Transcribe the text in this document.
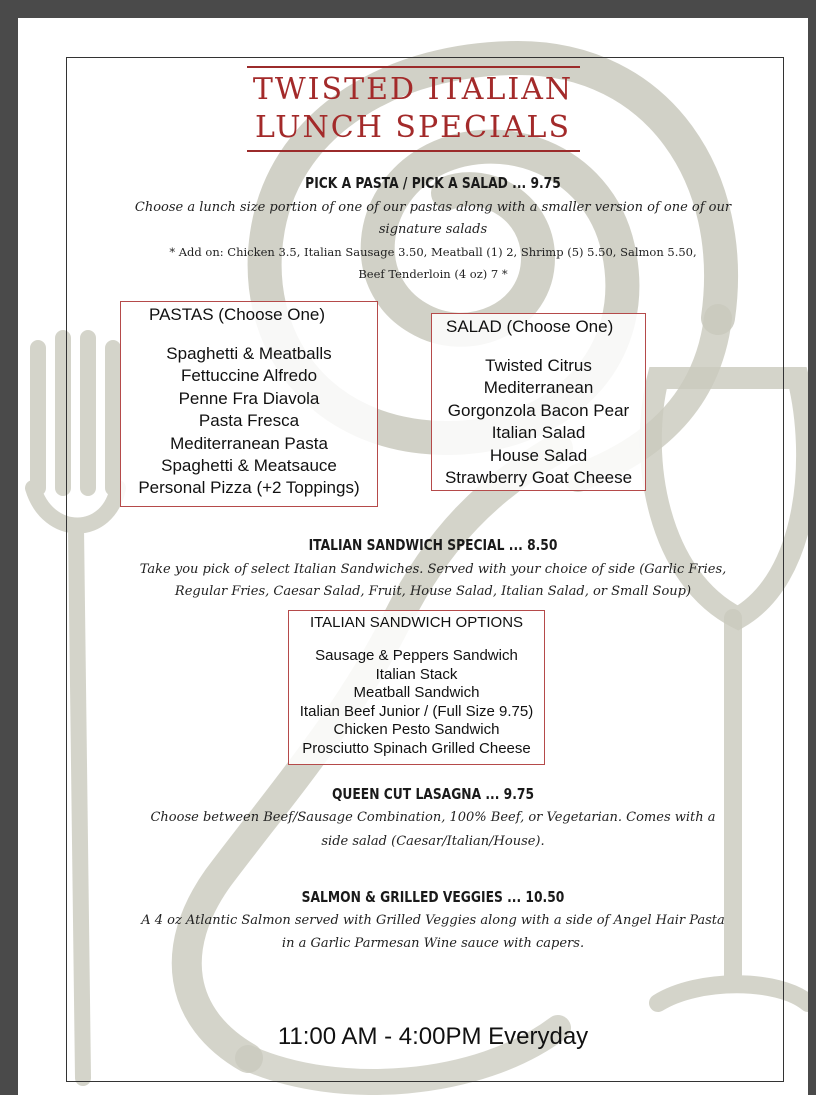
TWISTED ITALIAN
LUNCH SPECIALS
PICK A PASTA / PICK A SALAD ... 9.75
Choose a lunch size portion of one of our pastas along with a smaller version of one of our
signature salads
* Add on: Chicken 3.5, Italian Sausage 3.50, Meatball (1) 2, Shrimp (5) 5.50, Salmon 5.50,
Beef Tenderloin (4 oz) 7 *
PASTAS (Choose One)
Spaghetti & Meatballs
Fettuccine Alfredo
Penne Fra Diavola
Pasta Fresca
Mediterranean Pasta
Spaghetti & Meatsauce
Personal Pizza (+2 Toppings)
SALAD (Choose One)
Twisted Citrus
Mediterranean
Gorgonzola Bacon Pear
Italian Salad
House Salad
Strawberry Goat Cheese
ITALIAN SANDWICH SPECIAL ... 8.50
Take you pick of select Italian Sandwiches. Served with your choice of side (Garlic Fries,
Regular Fries, Caesar Salad, Fruit, House Salad, Italian Salad, or Small Soup)
ITALIAN SANDWICH OPTIONS
Sausage & Peppers Sandwich
Italian Stack
Meatball Sandwich
Italian Beef Junior / (Full Size 9.75)
Chicken Pesto Sandwich
Prosciutto Spinach Grilled Cheese
QUEEN CUT LASAGNA ... 9.75
Choose between Beef/Sausage Combination, 100% Beef, or Vegetarian. Comes with a
side salad (Caesar/Italian/House).
SALMON & GRILLED VEGGIES ... 10.50
A 4 oz Atlantic Salmon served with Grilled Veggies along with a side of Angel Hair Pasta
in a Garlic Parmesan Wine sauce with capers.
11:00 AM - 4:00PM Everyday
